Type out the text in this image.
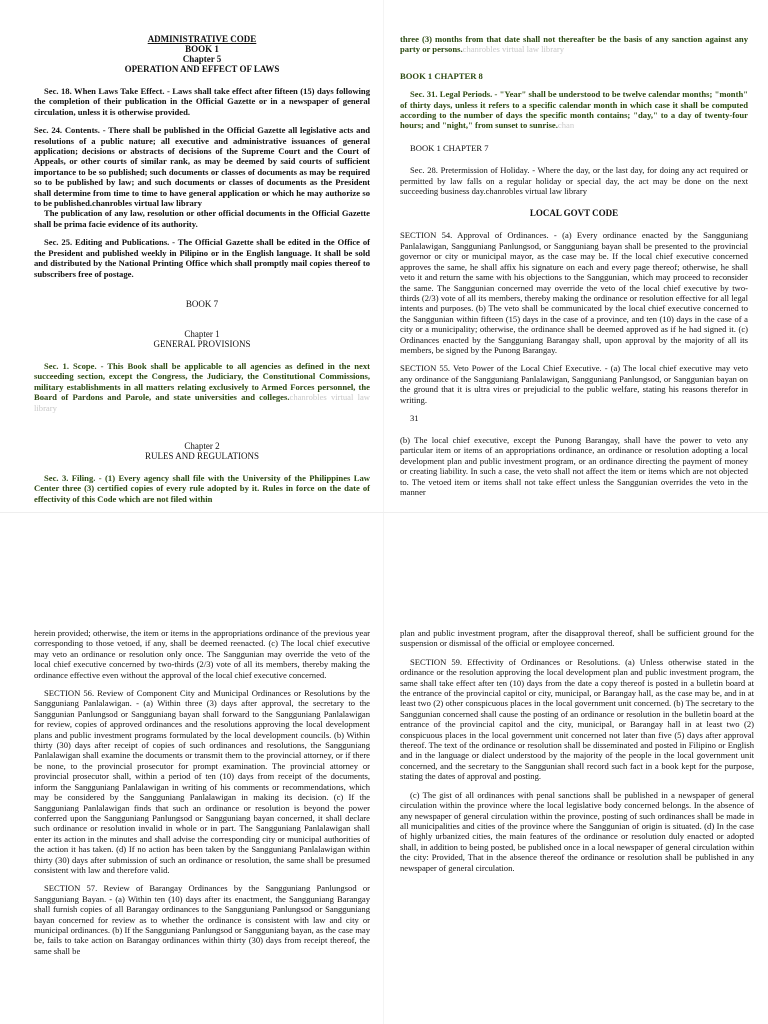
ADMINISTRATIVE CODE
BOOK 1
Chapter 5
OPERATION AND EFFECT OF LAWS

Sec. 18. When Laws Take Effect. - Laws shall take effect after fifteen (15) days following the completion of their publication in the Official Gazette or in a newspaper of general circulation, unless it is otherwise provided.

Sec. 24. Contents. - There shall be published in the Official Gazette all legislative acts and resolutions of a public nature; all executive and administrative issuances of general application; decisions or abstracts of decisions of the Supreme Court and the Court of Appeals, or other courts of similar rank, as may be deemed by said courts of sufficient importance to be so published; such documents or classes of documents as may be required so to be published by law; and such documents or classes of documents as the President shall determine from time to time to have general application or which he may authorize so to be published.chanrobles virtual law library

The publication of any law, resolution or other official documents in the Official Gazette shall be prima facie evidence of its authority.

Sec. 25. Editing and Publications. - The Official Gazette shall be edited in the Office of the President and published weekly in Pilipino or in the English language. It shall be sold and distributed by the National Printing Office which shall promptly mail copies thereof to subscribers free of postage.

BOOK 7
Chapter 1
GENERAL PROVISIONS

Sec. 1. Scope. - This Book shall be applicable to all agencies as defined in the next succeeding section, except the Congress, the Judiciary, the Constitutional Commissions, military establishments in all matters relating exclusively to Armed Forces personnel, the Board of Pardons and Parole, and state universities and colleges.chanrobles virtual law library

Chapter 2
RULES AND REGULATIONS

Sec. 3. Filing. - (1) Every agency shall file with the University of the Philippines Law Center three (3) certified copies of every rule adopted by it. Rules in force on the date of effectivity of this Code which are not filed within

three (3) months from that date shall not thereafter be the basis of any sanction against any party or persons.chanrobles virtual law library

BOOK 1 CHAPTER 8

Sec. 31. Legal Periods. - "Year" shall be understood to be twelve calendar months; "month" of thirty days, unless it refers to a specific calendar month in which case it shall be computed according to the number of days the specific month contains; "day," to a day of twenty-four hours; and "night," from sunset to sunrise.chan

BOOK 1 CHAPTER 7

Sec. 28. Pretermission of Holiday. - Where the day, or the last day, for doing any act required or permitted by law falls on a regular holiday or special day, the act may be done on the next succeeding business day.chanrobles virtual law library

LOCAL GOVT CODE

SECTION 54. Approval of Ordinances. - (a) Every ordinance enacted by the Sangguniang Panlalawigan, Sangguniang Panlungsod, or Sangguniang bayan shall be presented to the provincial governor or city or municipal mayor, as the case may be. If the local chief executive concerned approves the same, he shall affix his signature on each and every page thereof; otherwise, he shall veto it and return the same with his objections to the Sanggunian, which may proceed to reconsider the same. The Sanggunian concerned may override the veto of the local chief executive by two-thirds (2/3) vote of all its members, thereby making the ordinance or resolution effective for all legal intents and purposes. (b) The veto shall be communicated by the local chief executive concerned to the Sanggunian within fifteen (15) days in the case of a province, and ten (10) days in the case of a city or a municipality; otherwise, the ordinance shall be deemed approved as if he had signed it. (c) Ordinances enacted by the Sangguniang Barangay shall, upon approval by the majority of all its members, be signed by the Punong Barangay.

SECTION 55. Veto Power of the Local Chief Executive. - (a) The local chief executive may veto any ordinance of the Sangguniang Panlalawigan, Sangguniang Panlungsod, or Sanggunian bayan on the ground that it is ultra vires or prejudicial to the public welfare, stating his reasons therefor in writing.

31

(b) The local chief executive, except the Punong Barangay, shall have the power to veto any particular item or items of an appropriations ordinance, an ordinance or resolution adopting a local development plan and public investment program, or an ordinance directing the payment of money or creating liability. In such a case, the veto shall not affect the item or items which are not objected to. The vetoed item or items shall not take effect unless the Sanggunian overrides the veto in the manner

herein provided; otherwise, the item or items in the appropriations ordinance of the previous year corresponding to those vetoed, if any, shall be deemed reenacted. (c) The local chief executive may veto an ordinance or resolution only once. The Sanggunian may override the veto of the local chief executive concerned by two-thirds (2/3) vote of all its members, thereby making the ordinance effective even without the approval of the local chief executive concerned.

SECTION 56. Review of Component City and Municipal Ordinances or Resolutions by the Sangguniang Panlalawigan. - (a) Within three (3) days after approval, the secretary to the Sanggunian Panlungsod or Sangguniang bayan shall forward to the Sangguniang Panlalawigan for review, copies of approved ordinances and the resolutions approving the local development plans and public investment programs formulated by the local development councils. (b) Within thirty (30) days after receipt of copies of such ordinances and resolutions, the Sangguniang Panlalawigan shall examine the documents or transmit them to the provincial attorney, or if there be none, to the provincial prosecutor for prompt examination. The provincial attorney or provincial prosecutor shall, within a period of ten (10) days from receipt of the documents, inform the Sangguniang Panlalawigan in writing of his comments or recommendations, which may be considered by the Sangguniang Panlalawigan in making its decision. (c) If the Sangguniang Panlalawigan finds that such an ordinance or resolution is beyond the power conferred upon the Sangguniang Panlungsod or Sangguniang bayan concerned, it shall declare such ordinance or resolution invalid in whole or in part. The Sangguniang Panlalawigan shall enter its action in the minutes and shall advise the corresponding city or municipal authorities of the action it has taken. (d) If no action has been taken by the Sangguniang Panlalawigan within thirty (30) days after submission of such an ordinance or resolution, the same shall be presumed consistent with law and therefore valid.

SECTION 57. Review of Barangay Ordinances by the Sangguniang Panlungsod or Sangguniang Bayan. - (a) Within ten (10) days after its enactment, the Sangguniang Barangay shall furnish copies of all Barangay ordinances to the Sangguniang Panlungsod or Sangguniang bayan concerned for review as to whether the ordinance is consistent with law and city or municipal ordinances. (b) If the Sangguniang Panlungsod or Sangguniang bayan, as the case may be, fails to take action on Barangay ordinances within thirty (30) days from receipt thereof, the same shall be

plan and public investment program, after the disapproval thereof, shall be sufficient ground for the suspension or dismissal of the official or employee concerned.

SECTION 59. Effectivity of Ordinances or Resolutions. (a) Unless otherwise stated in the ordinance or the resolution approving the local development plan and public investment program, the same shall take effect after ten (10) days from the date a copy thereof is posted in a bulletin board at the entrance of the provincial capitol or city, municipal, or Barangay hall, as the case may be, and in at least two (2) other conspicuous places in the local government unit concerned. (b) The secretary to the Sanggunian concerned shall cause the posting of an ordinance or resolution in the bulletin board at the entrance of the provincial capitol and the city, municipal, or Barangay hall in at least two (2) conspicuous places in the local government unit concerned not later than five (5) days after approval thereof. The text of the ordinance or resolution shall be disseminated and posted in Filipino or English and in the language or dialect understood by the majority of the people in the local government unit concerned, and the secretary to the Sanggunian shall record such fact in a book kept for the purpose, stating the dates of approval and posting.

(c) The gist of all ordinances with penal sanctions shall be published in a newspaper of general circulation within the province where the local legislative body concerned belongs. In the absence of any newspaper of general circulation within the province, posting of such ordinances shall be made in all municipalities and cities of the province where the Sanggunian of origin is situated. (d) In the case of highly urbanized cities, the main features of the ordinance or resolution duly enacted or adopted shall, in addition to being posted, be published once in a local newspaper of general circulation within the city: Provided, That in the absence thereof the ordinance or resolution shall be published in any newspaper of general circulation.
